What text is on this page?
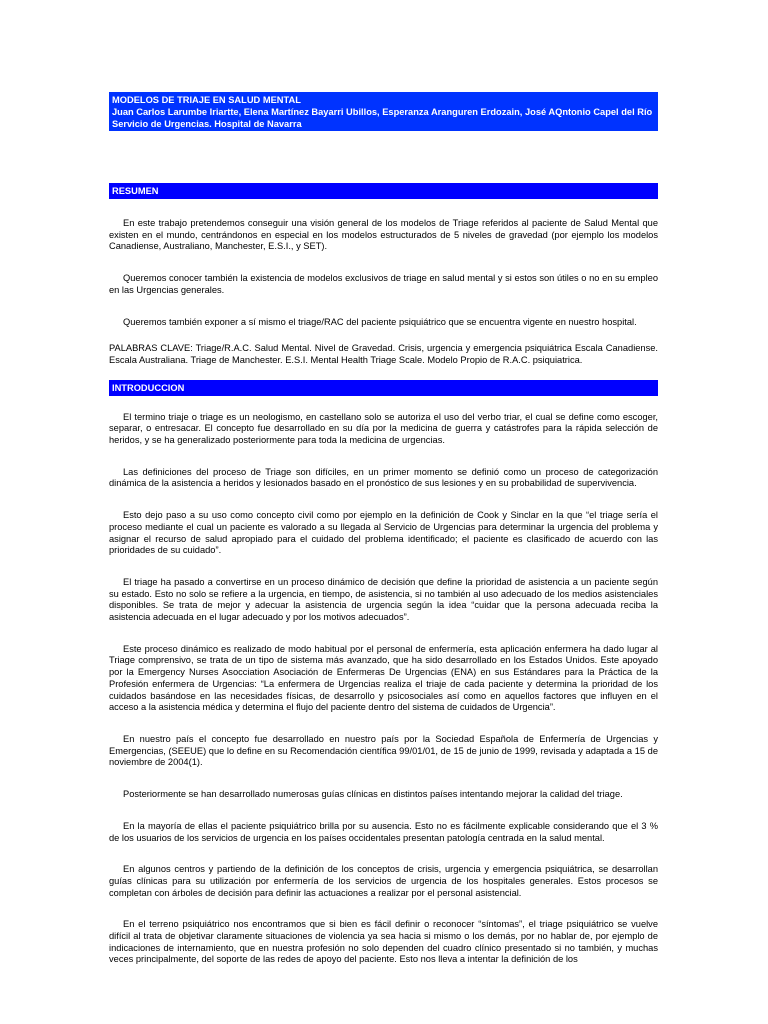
MODELOS DE TRIAJE EN SALUD MENTAL
Juan Carlos Larumbe Iriartte, Elena Martínez Bayarri Ubillos, Esperanza Aranguren Erdozain, José AQntonio Capel del Río
Servicio de Urgencias. Hospital de Navarra
RESUMEN

En este trabajo pretendemos conseguir una visión general de los modelos de Triage referidos al paciente de Salud Mental que existen en el mundo, centrándonos en especial en los modelos estructurados de 5 niveles de gravedad (por ejemplo los modelos Canadiense, Australiano, Manchester, E.S.I., y SET).

Queremos conocer también la existencia de modelos exclusivos de triage en salud mental y si estos son útiles o no en su empleo en las Urgencias generales.

Queremos también exponer a sí mismo el triage/RAC del paciente psiquiátrico que se encuentra vigente en nuestro hospital.

PALABRAS CLAVE: Triage/R.A.C. Salud Mental. Nivel de Gravedad. Crisis, urgencia y emergencia psiquiátrica Escala Canadiense. Escala Australiana. Triage de Manchester. E.S.I. Mental Health Triage Scale. Modelo Propio de R.A.C. psiquiatrica.

INTRODUCCION

El termino triaje o triage es un neologismo, en castellano solo se autoriza el uso del verbo triar, el cual se define como escoger, separar, o entresacar. El concepto fue desarrollado en su día por la medicina de guerra y catástrofes para la rápida selección de heridos, y se ha generalizado posteriormente para toda la medicina de urgencias.

Las definiciones del proceso de Triage son difíciles, en un primer momento se definió como un proceso de categorización dinámica de la asistencia a heridos y lesionados basado en el pronóstico de sus lesiones y en su probabilidad de supervivencia.

Esto dejo paso a su uso como concepto civil como por ejemplo en la definición de Cook y Sinclar en la que “el triage sería el proceso mediante el cual un paciente es valorado a su llegada al Servicio de Urgencias para determinar la urgencia del problema y asignar el recurso de salud apropiado para el cuidado del problema identificado; el paciente es clasificado de acuerdo con las prioridades de su cuidado”.

El triage ha pasado a convertirse en un proceso dinámico de decisión que define la prioridad de asistencia a un paciente según su estado. Esto no solo se refiere a la urgencia, en tiempo, de asistencia, si no también al uso adecuado de los medios asistenciales disponibles. Se trata de mejor y adecuar la asistencia de urgencia según la idea “cuidar que la persona adecuada reciba la asistencia adecuada en el lugar adecuado y por los motivos adecuados”.

Este proceso dinámico es realizado de modo habitual por el personal de enfermería, esta aplicación enfermera ha dado lugar al Triage comprensivo, se trata de un tipo de sistema más avanzado, que ha sido desarrollado en los Estados Unidos. Este apoyado por la Emergency Nurses Asocciation Asociación de Enfermeras De Urgencias (ENA) en sus Estándares para la Práctica de la Profesión enfermera de Urgencias: “La enfermera de Urgencias realiza el triaje de cada paciente y determina la prioridad de los cuidados basándose en las necesidades físicas, de desarrollo y psicosociales así como en aquellos factores que influyen en el acceso a la asistencia médica y determina el flujo del paciente dentro del sistema de cuidados de Urgencia”.

En nuestro país el concepto fue desarrollado en nuestro país por la Sociedad Española de Enfermería de Urgencias y Emergencias, (SEEUE) que lo define en su Recomendación científica 99/01/01, de 15 de junio de 1999, revisada y adaptada a 15 de noviembre de 2004(1).

Posteriormente se han desarrollado numerosas guías clínicas en distintos países intentando mejorar la calidad del triage.

En la mayoría de ellas el paciente psiquiátrico brilla por su ausencia. Esto no es fácilmente explicable considerando que el 3 % de los usuarios de los servicios de urgencia en los países occidentales presentan patología centrada en la salud mental.

En algunos centros y partiendo de la definición de los conceptos de crisis, urgencia y emergencia psiquiátrica, se desarrollan guías clínicas para su utilización por enfermería de los servicios de urgencia de los hospitales generales. Estos procesos se completan con árboles de decisión para definir las actuaciones a realizar por el personal asistencial.

En el terreno psiquiátrico nos encontramos que si bien es fácil definir o reconocer “síntomas”, el triage psiquiátrico se vuelve difícil al trata de objetivar claramente situaciones de violencia ya sea hacia si mismo o los demás, por no hablar de, por ejemplo de indicaciones de internamiento, que en nuestra profesión no solo dependen del cuadro clínico presentado si no también, y muchas veces principalmente, del soporte de las redes de apoyo del paciente. Esto nos lleva a intentar la definición de los
